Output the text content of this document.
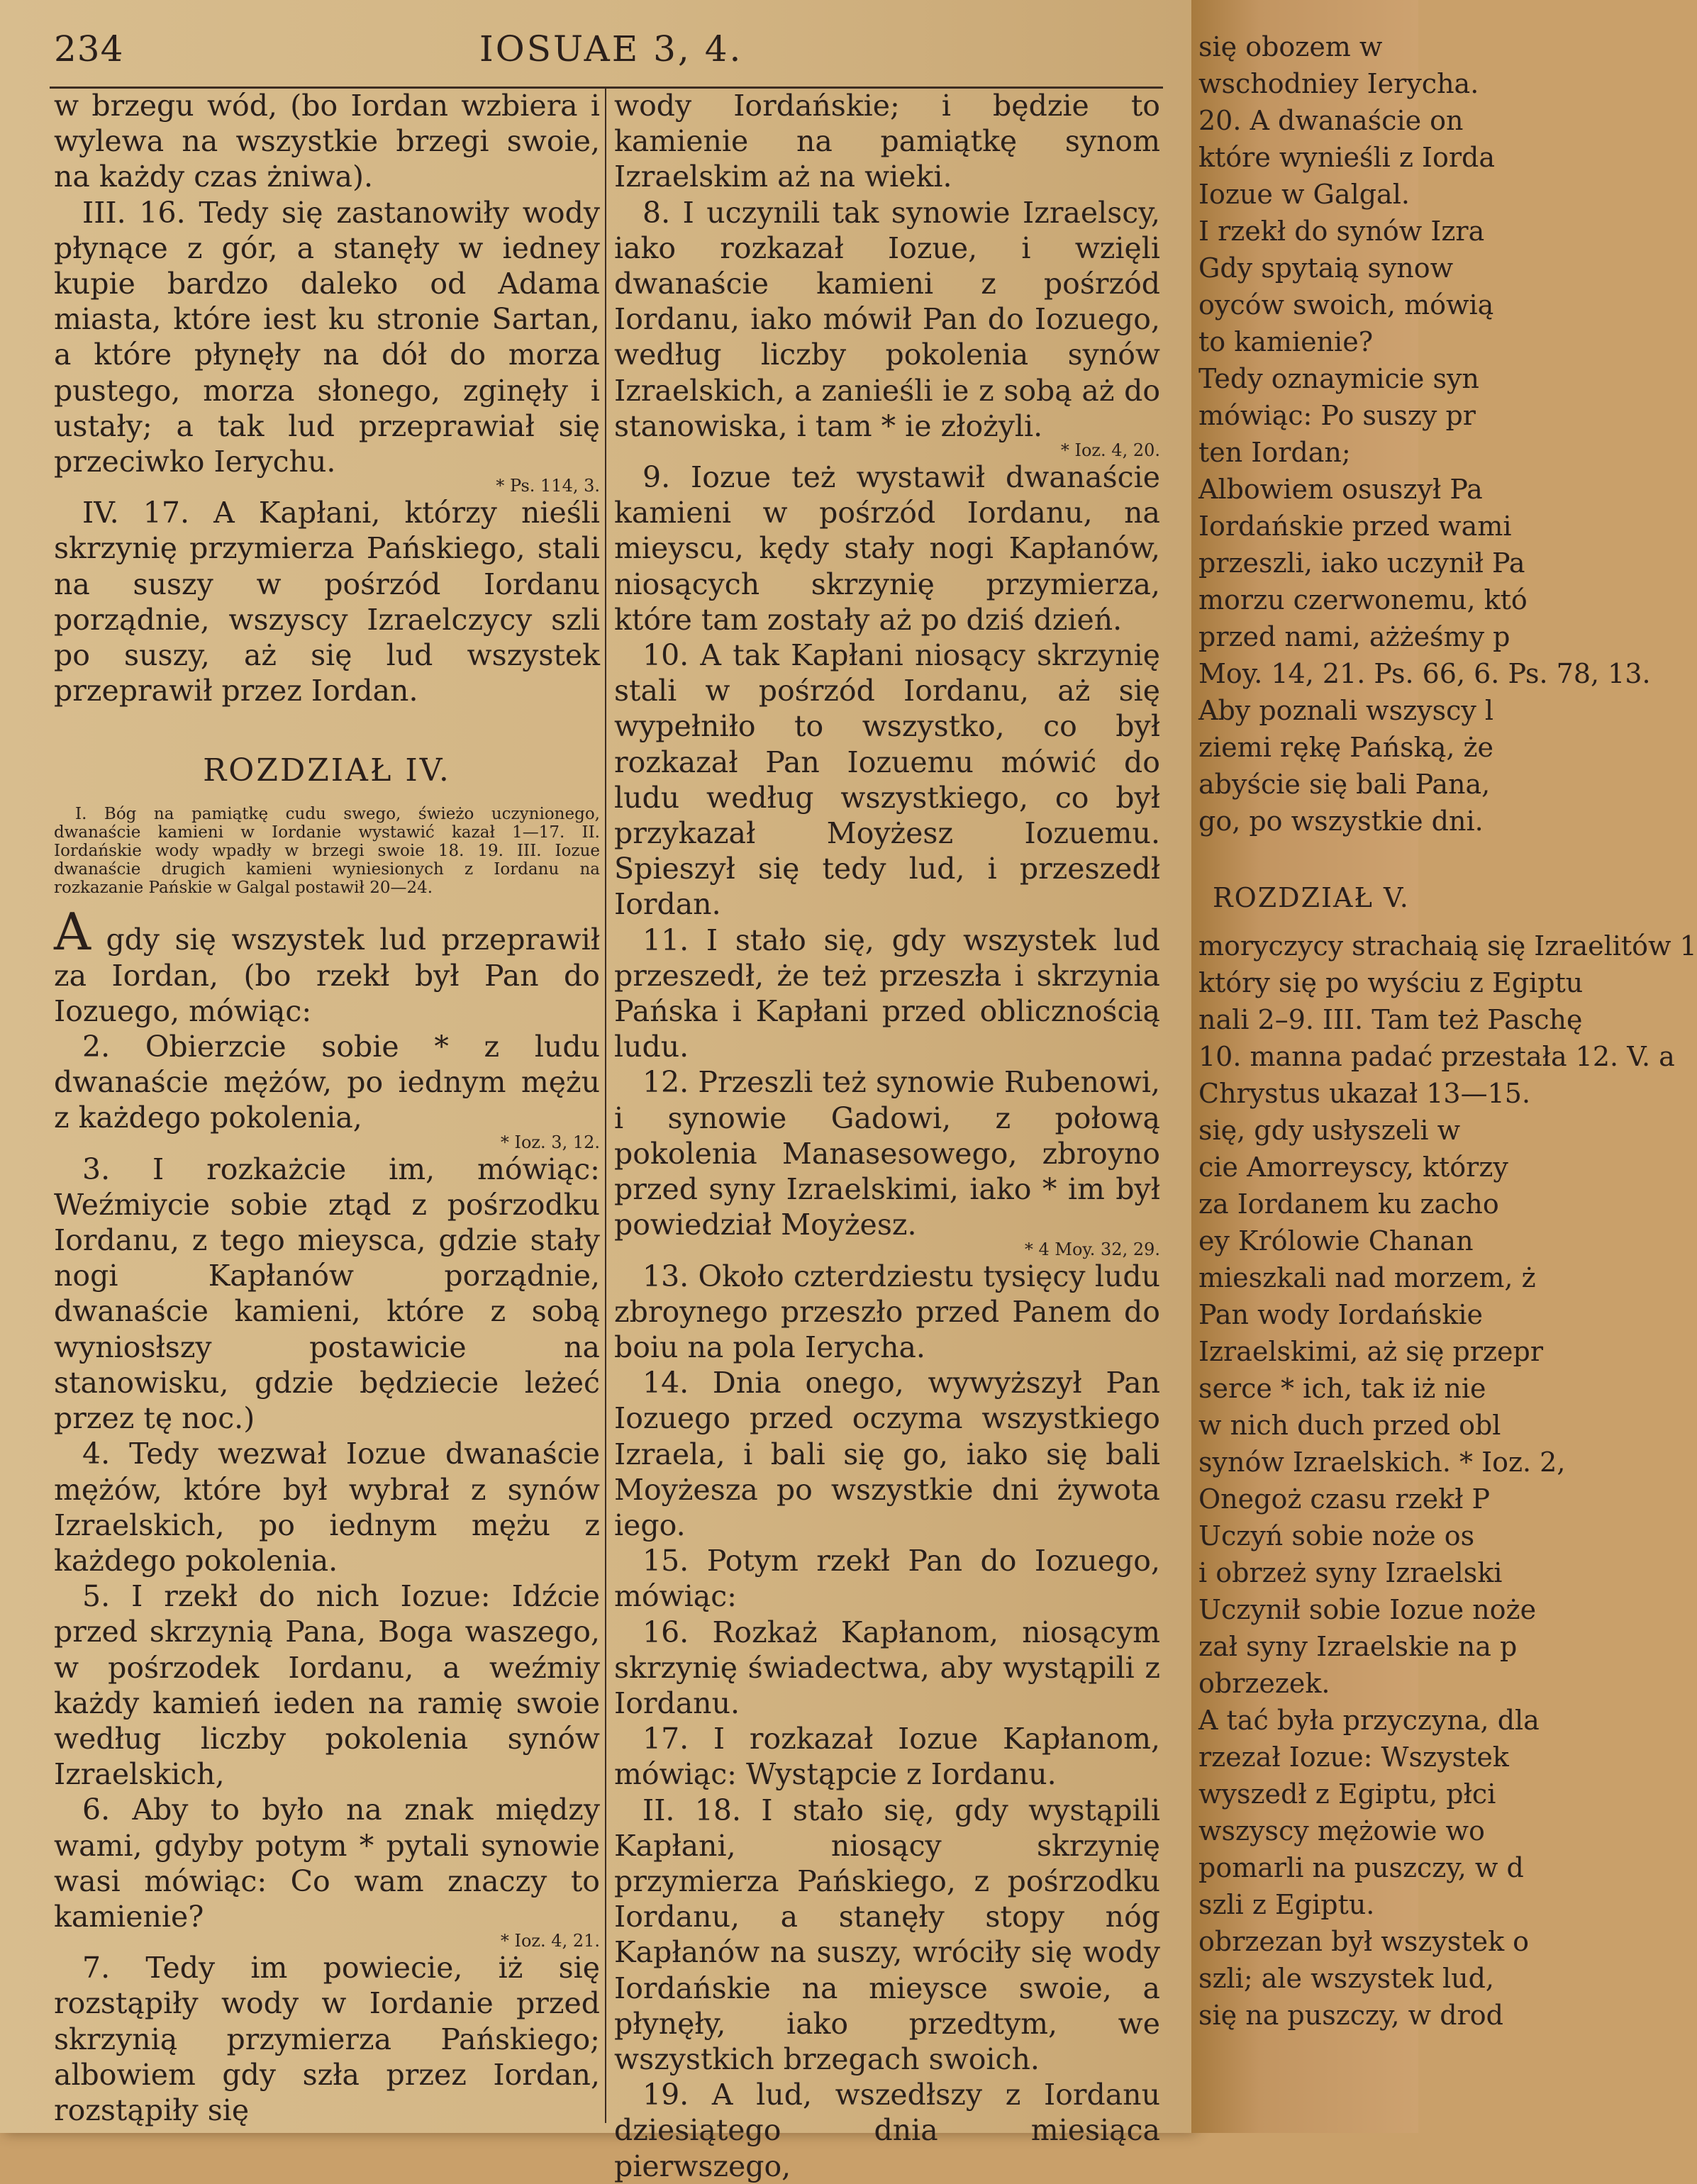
234	IOSUAE 3, 4.

w brzegu wód, (bo Iordan wzbiera i wylewa na wszystkie brzegi swoie, na każdy czas żniwa).

III. 16. Tedy się zastanowiły wody płynące z gór, a stanęły w iedney kupie bardzo daleko od Adama miasta, które iest ku stronie Sartan, a które płynęły na dół do morza pustego, morza słonego, zginęły i ustały; a tak lud przeprawiał się przeciwko Ierychu.

* Ps. 114, 3.

IV. 17. A Kapłani, którzy nieśli skrzynię przymierza Pańskiego, stali na suszy w pośrzód Iordanu porządnie, wszyscy Izraelczycy szli po suszy, aż się lud wszystek przeprawił przez Iordan.

ROZDZIAŁ IV.

I. Bóg na pamiątkę cudu swego, świeżo uczynionego, dwanaście kamieni w Iordanie wystawić kazał 1—17. II. Iordańskie wody wpadły w brzegi swoie 18. 19. III. Iozue dwanaście drugich kamieni wyniesionych z Iordanu na rozkazanie Pańskie w Galgal postawił 20—24.

A gdy się wszystek lud przeprawił za Iordan, (bo rzekł był Pan do Iozuego, mówiąc:

2. Obierzcie sobie * z ludu dwanaście mężów, po iednym mężu z każdego pokolenia,

* Ioz. 3, 12.

3. I rozkażcie im, mówiąc: Weźmiycie sobie ztąd z pośrzodku Iordanu, z tego mieysca, gdzie stały nogi Kapłanów porządnie, dwanaście kamieni, które z sobą wyniosłszy postawicie na stanowisku, gdzie będziecie leżeć przez tę noc.)

4. Tedy wezwał Iozue dwanaście mężów, które był wybrał z synów Izraelskich, po iednym mężu z każdego pokolenia.

5. I rzekł do nich Iozue: Idźcie przed skrzynią Pana, Boga waszego, w pośrzodek Iordanu, a weźmiy każdy kamień ieden na ramię swoie według liczby pokolenia synów Izraelskich,

6. Aby to było na znak między wami, gdyby potym * pytali synowie wasi mówiąc: Co wam znaczy to kamienie?

* Ioz. 4, 21.

7. Tedy im powiecie, iż się rozstąpiły wody w Iordanie przed skrzynią przymierza Pańskiego; albowiem gdy szła przez Iordan, rozstąpiły się

wody Iordańskie; i będzie to kamienie na pamiątkę synom Izraelskim aż na wieki.

8. I uczynili tak synowie Izraelscy, iako rozkazał Iozue, i wzięli dwanaście kamieni z pośrzód Iordanu, iako mówił Pan do Iozuego, według liczby pokolenia synów Izraelskich, a zanieśli ie z sobą aż do stanowiska, i tam * ie złożyli.

* Ioz. 4, 20.

9. Iozue też wystawił dwanaście kamieni w pośrzód Iordanu, na mieyscu, kędy stały nogi Kapłanów, niosących skrzynię przymierza, które tam zostały aż po dziś dzień.

10. A tak Kapłani niosący skrzynię stali w pośrzód Iordanu, aż się wypełniło to wszystko, co był rozkazał Pan Iozuemu mówić do ludu według wszystkiego, co był przykazał Moyżesz Iozuemu. Spieszył się tedy lud, i przeszedł Iordan.

11. I stało się, gdy wszystek lud przeszedł, że też przeszła i skrzynia Pańska i Kapłani przed oblicznością ludu.

12. Przeszli też synowie Rubenowi, i synowie Gadowi, z połową pokolenia Manasesowego, zbroyno przed syny Izraelskimi, iako * im był powiedział Moyżesz.

* 4 Moy. 32, 29.

13. Około czterdziestu tysięcy ludu zbroynego przeszło przed Panem do boiu na pola Ierycha.

14. Dnia onego, wywyższył Pan Iozuego przed oczyma wszystkiego Izraela, i bali się go, iako się bali Moyżesza po wszystkie dni żywota iego.

15. Potym rzekł Pan do Iozuego, mówiąc:

16. Rozkaż Kapłanom, niosącym skrzynię świadectwa, aby wystąpili z Iordanu.

17. I rozkazał Iozue Kapłanom, mówiąc: Wystąpcie z Iordanu.

II. 18. I stało się, gdy wystąpili Kapłani, niosący skrzynię przymierza Pańskiego, z pośrzodku Iordanu, a stanęły stopy nóg Kapłanów na suszy, wróciły się wody Iordańskie na mieysce swoie, a płynęły, iako przedtym, we wszystkich brzegach swoich.

19. A lud, wszedłszy z Iordanu dziesiątego dnia miesiąca pierwszego,

się obozem w

wschodniey Ierycha.

20. A dwanaście on

które wynieśli z Iorda

Iozue w Galgal.

I rzekł do synów Izra

Gdy spytaią synow

oyców swoich, mówią

to kamienie?

Tedy oznaymicie syn

mówiąc: Po suszy pr

ten Iordan;

Albowiem osuszył Pa

Iordańskie przed wami

przeszli, iako uczynił Pa

morzu czerwonemu, któ

przed nami, ażżeśmy p

Moy. 14, 21. Ps. 66, 6. Ps. 78, 13.

Aby poznali wszyscy l

ziemi rękę Pańską, że

abyście się bali Pana,

go, po wszystkie dni.

ROZDZIAŁ V.

moryczycy strachaią się Izraelitów 1

który się po wyściu z Egiptu

nali 2–9. III. Tam też Paschę

10. manna padać przestała 12. V. a

Chrystus ukazał 13—15.

się, gdy usłyszeli w

cie Amorreyscy, którzy

za Iordanem ku zacho

ey Królowie Chanan

mieszkali nad morzem, ż

Pan wody Iordańskie

Izraelskimi, aż się przepr

serce * ich, tak iż nie

w nich duch przed obl

synów Izraelskich. * Ioz. 2,

Onegoż czasu rzekł P

Uczyń sobie noże os

i obrzeż syny Izraelski

Uczynił sobie Iozue noże

zał syny Izraelskie na p

obrzezek.

A tać była przyczyna, dla

rzezał Iozue: Wszystek

wyszedł z Egiptu, płci

wszyscy mężowie wo

pomarli na puszczy, w d

szli z Egiptu.

obrzezan był wszystek o

szli; ale wszystek lud,

się na puszczy, w drod
